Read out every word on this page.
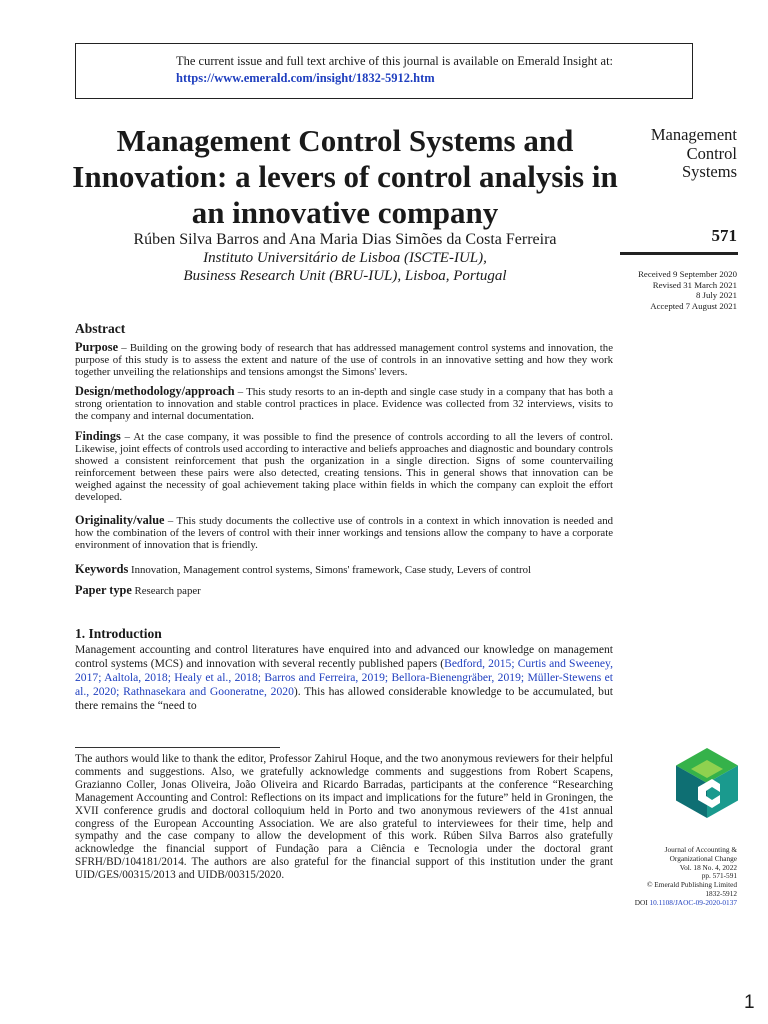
The current issue and full text archive of this journal is available on Emerald Insight at:
https://www.emerald.com/insight/1832-5912.htm
Management Control Systems and Innovation: a levers of control analysis in an innovative company
Rúben Silva Barros and Ana Maria Dias Simões da Costa Ferreira
Instituto Universitário de Lisboa (ISCTE-IUL),
Business Research Unit (BRU-IUL), Lisboa, Portugal
Management
Control
Systems
571
Received 9 September 2020
Revised 31 March 2021
8 July 2021
Accepted 7 August 2021
Abstract

Purpose – Building on the growing body of research that has addressed management control systems and innovation, the purpose of this study is to assess the extent and nature of the use of controls in an innovative setting and how they work together unveiling the relationships and tensions amongst the Simons' levers.

Design/methodology/approach – This study resorts to an in-depth and single case study in a company that has both a strong orientation to innovation and stable control practices in place. Evidence was collected from 32 interviews, visits to the company and internal documentation.

Findings – At the case company, it was possible to find the presence of controls according to all the levers of control. Likewise, joint effects of controls used according to interactive and beliefs approaches and diagnostic and boundary controls showed a consistent reinforcement that push the organization in a single direction. Signs of some countervailing reinforcement between these pairs were also detected, creating tensions. This in general shows that innovation can be weighed against the necessity of goal achievement taking place within fields in which the company can exploit the effort developed.

Originality/value – This study documents the collective use of controls in a context in which innovation is needed and how the combination of the levers of control with their inner workings and tensions allow the company to have a corporate environment of innovation that is friendly.

Keywords Innovation, Management control systems, Simons' framework, Case study, Levers of control
Paper type Research paper
1. Introduction

Management accounting and control literatures have enquired into and advanced our knowledge on management control systems (MCS) and innovation with several recently published papers (Bedford, 2015; Curtis and Sweeney, 2017; Aaltola, 2018; Healy et al., 2018; Barros and Ferreira, 2019; Bellora-Bienengräber, 2019; Müller-Stewens et al., 2020; Rathnasekara and Gooneratne, 2020). This has allowed considerable knowledge to be accumulated, but there remains the “need to

The authors would like to thank the editor, Professor Zahirul Hoque, and the two anonymous reviewers for their helpful comments and suggestions. Also, we gratefully acknowledge comments and suggestions from Robert Scapens, Grazianno Coller, Jonas Oliveira, João Oliveira and Ricardo Barradas, participants at the conference “Researching Management Accounting and Control: Reflections on its impact and implications for the future” held in Groningen, the XVII conference grudis and doctoral colloquium held in Porto and two anonymous reviewers of the 41st annual congress of the European Accounting Association. We are also grateful to interviewees for their time, help and sympathy and the case company to allow the development of this work. Rúben Silva Barros also gratefully acknowledge the financial support of Fundação para a Ciência e Tecnologia under the doctoral grant SFRH/BD/104181/2014. The authors are also grateful for the financial support of this institution under the grant UID/GES/00315/2013 and UIDB/00315/2020.

Journal of Accounting &
Organizational Change
Vol. 18 No. 4, 2022
pp. 571-591
© Emerald Publishing Limited
1832-5912
DOI 10.1108/JAOC-09-2020-0137
1
